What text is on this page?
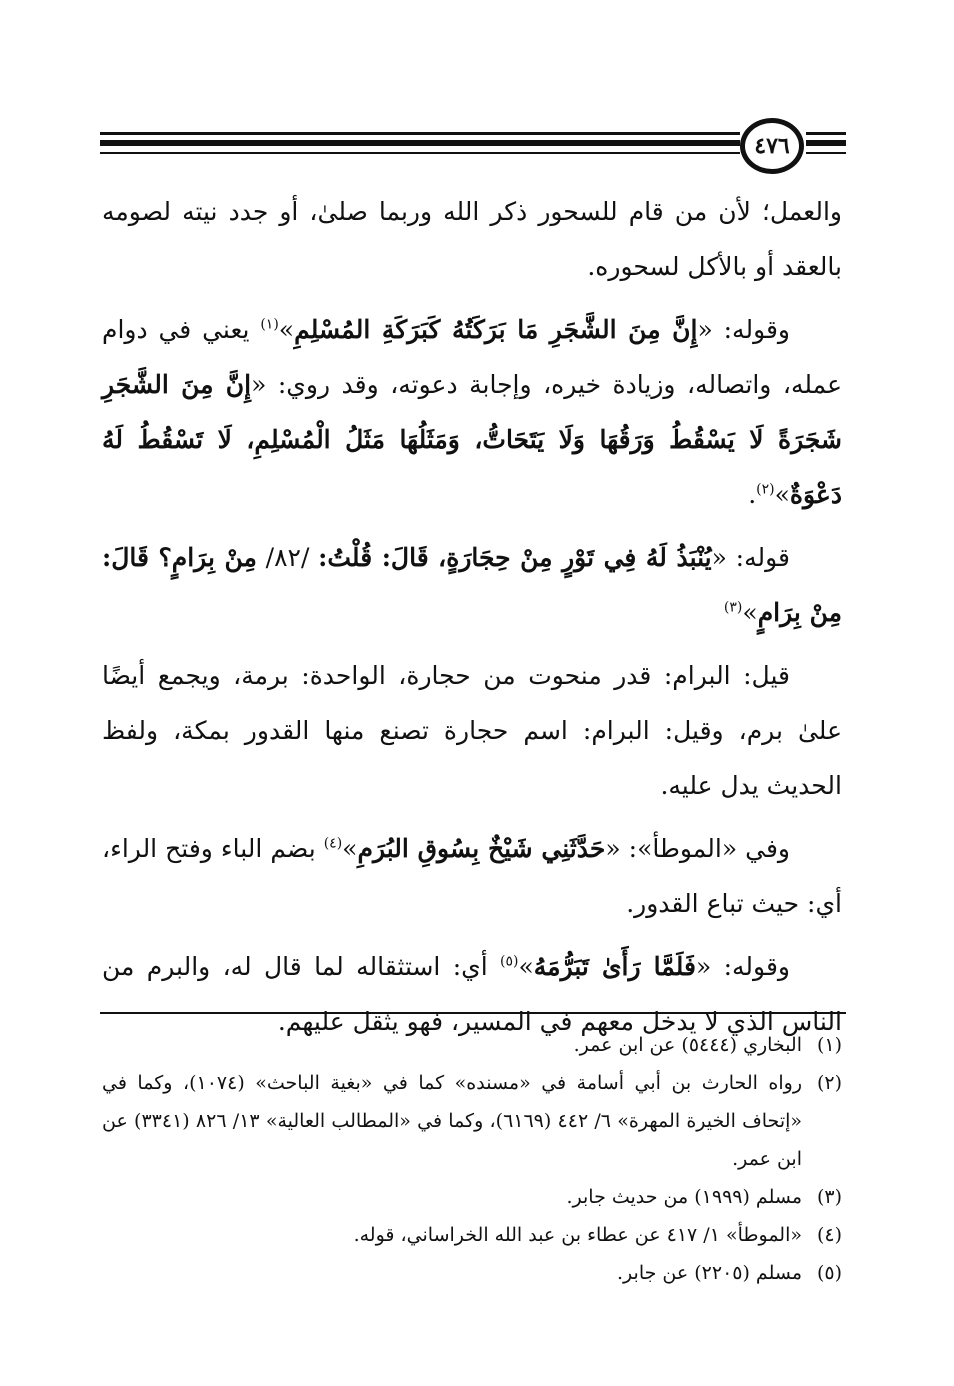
٤٧٦

والعمل؛ لأن من قام للسحور ذكر الله وربما صلىٰ، أو جدد نيته لصومه بالعقد أو بالأكل لسحوره.

وقوله: «إِنَّ مِنَ الشَّجَرِ مَا بَرَكَتُهُ كَبَرَكَةِ المُسْلِمِ»$^{(١)}$ يعني في دوام عمله، واتصاله، وزيادة خيره، وإجابة دعوته، وقد روي: «إِنَّ مِنَ الشَّجَرِ شَجَرَةً لَا يَسْقُطُ وَرَقُهَا وَلَا يَتَحَاتُّ، وَمَثَلُهَا مَثَلُ الْمُسْلِمِ، لَا تَسْقُطُ لَهُ دَعْوَةٌ»$^{(٢)}$.

قوله: «يُنْبَذُ لَهُ فِي تَوْرٍ مِنْ حِجَارَةٍ، قَالَ: قُلْتُ: /٨٢/ مِنْ بِرَامٍ؟ قَالَ: مِنْ بِرَامٍ»$^{(٣)}$

قيل: البرام: قدر منحوت من حجارة، الواحدة: برمة، ويجمع أيضًا علىٰ برم، وقيل: البرام: اسم حجارة تصنع منها القدور بمكة، ولفظ الحديث يدل عليه.

وفي «الموطأ»: «حَدَّثَنِي شَيْخٌ بِسُوقِ البُرَمِ»$^{(٤)}$ بضم الباء وفتح الراء، أي: حيث تباع القدور.

وقوله: «فَلَمَّا رَأَىٰ تَبَرُّمَهُ»$^{(٥)}$ أي: استثقاله لما قال له، والبرم من الناس الذي لا يدخل معهم في المسير، فهو يثقل عليهم.

(١)
البخاري (٥٤٤٤) عن ابن عمر.
(٢)
رواه الحارث بن أبي أسامة في «مسنده» كما في «بغية الباحث» (١٠٧٤)، وكما في «إتحاف الخيرة المهرة» ٦/ ٤٤٢ (٦١٦٩)، وكما في «المطالب العالية» ١٣/ ٨٢٦ (٣٣٤١) عن ابن عمر.
(٣)
مسلم (١٩٩٩) من حديث جابر.
(٤)
«الموطأ» ١/ ٤١٧ عن عطاء بن عبد الله الخراساني، قوله.
(٥)
مسلم (٢٢٠٥) عن جابر.
